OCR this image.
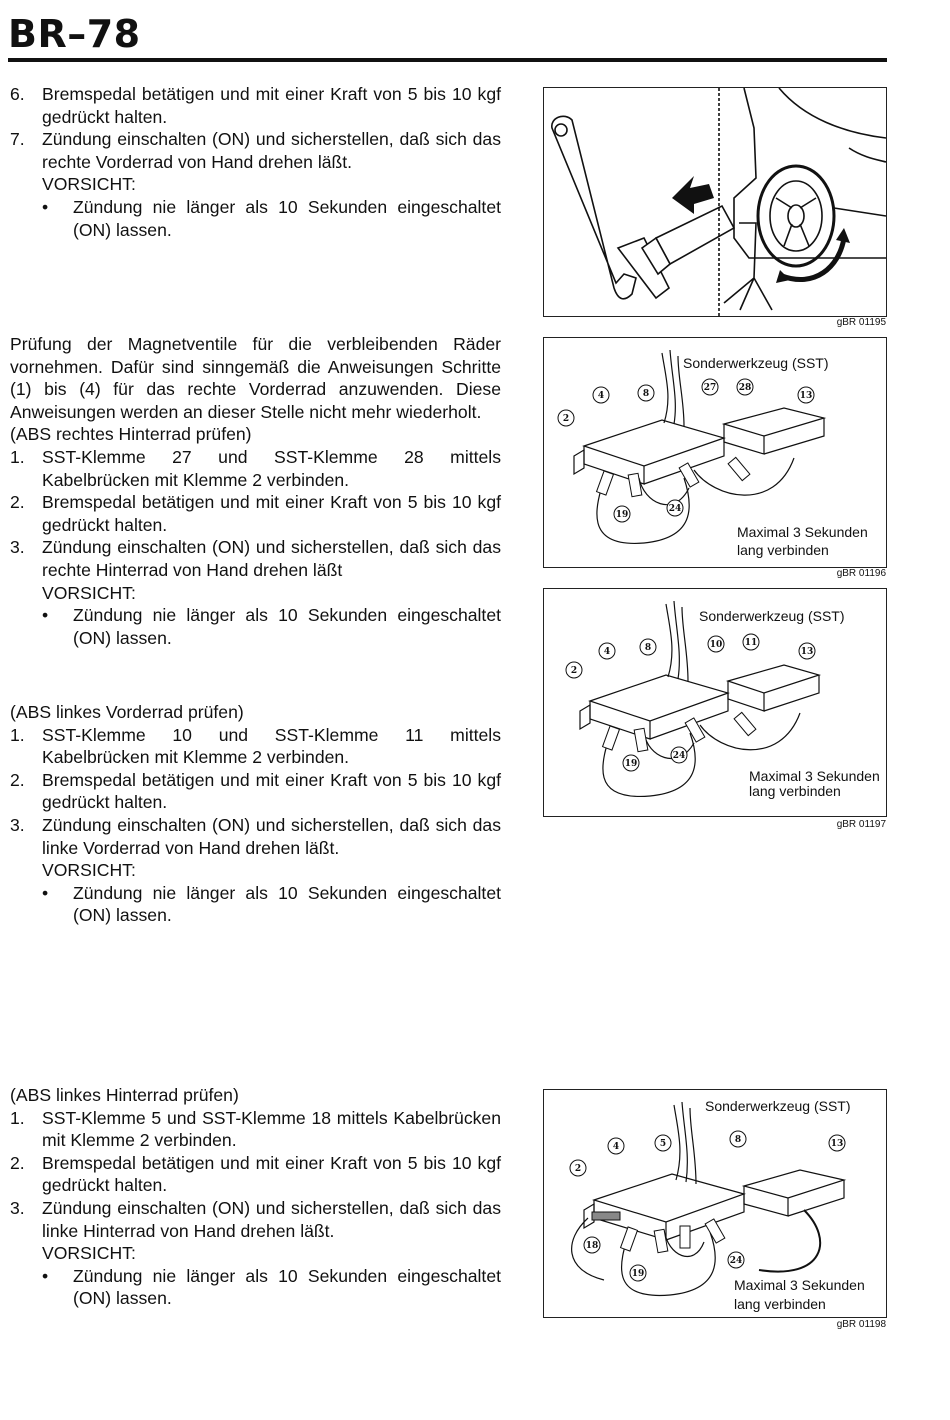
BR–78
6. Bremspedal betätigen und mit einer Kraft von 5 bis 10 kgf gedrückt halten.
7. Zündung einschalten (ON) und sicherstellen, daß sich das rechte Vorderrad von Hand drehen läßt.
VORSICHT:
•	Zündung nie länger als 10 Sekunden eingeschaltet (ON) lassen.

Prüfung der Magnetventile für die verbleibenden Räder vornehmen. Dafür sind sinngemäß die Anweisungen Schritte (1) bis (4) für das rechte Vorderrad anzuwenden. Diese Anweisungen werden an dieser Stelle nicht mehr wiederholt.

(ABS rechtes Hinterrad prüfen)
1. SST-Klemme 27 und SST-Klemme 28 mittels Kabelbrücken mit Klemme 2 verbinden.
2. Bremspedal betätigen und mit einer Kraft von 5 bis 10 kgf gedrückt halten.
3. Zündung einschalten (ON) und sicherstellen, daß sich das rechte Hinterrad von Hand drehen läßt
VORSICHT:
•	Zündung nie länger als 10 Sekunden eingeschaltet (ON) lassen.
(ABS linkes Vorderrad prüfen)
1. SST-Klemme 10 und SST-Klemme 11 mittels Kabelbrücken mit Klemme 2 verbinden.
2. Bremspedal betätigen und mit einer Kraft von 5 bis 10 kgf gedrückt halten.
3. Zündung einschalten (ON) und sicherstellen, daß sich das linke Vorderrad von Hand drehen läßt.
VORSICHT:
•	Zündung nie länger als 10 Sekunden eingeschaltet (ON) lassen.
(ABS linkes Hinterrad prüfen)
1. SST-Klemme 5 und SST-Klemme 18 mittels Kabelbrücken mit Klemme 2 verbinden.
2. Bremspedal betätigen und mit einer Kraft von 5 bis 10 kgf gedrückt halten.
3. Zündung einschalten (ON) und sicherstellen, daß sich das linke Hinterrad von Hand drehen läßt.
VORSICHT:
•	Zündung nie länger als 10 Sekunden eingeschaltet (ON) lassen.
gBR 01195
2
4	8
27 28
13
19
24
Sonderwerkzeug (SST)
Maximal 3 Sekunden
lang verbinden
gBR 01196
2
4	8	10 11
13
19
24
Sonderwerkzeug (SST)
Maximal 3 Sekunden
lang verbinden
gBR 01197
2
4	5	8	13
18
19
24
Sonderwerkzeug (SST)
Maximal 3 Sekunden
lang verbinden
gBR 01198
